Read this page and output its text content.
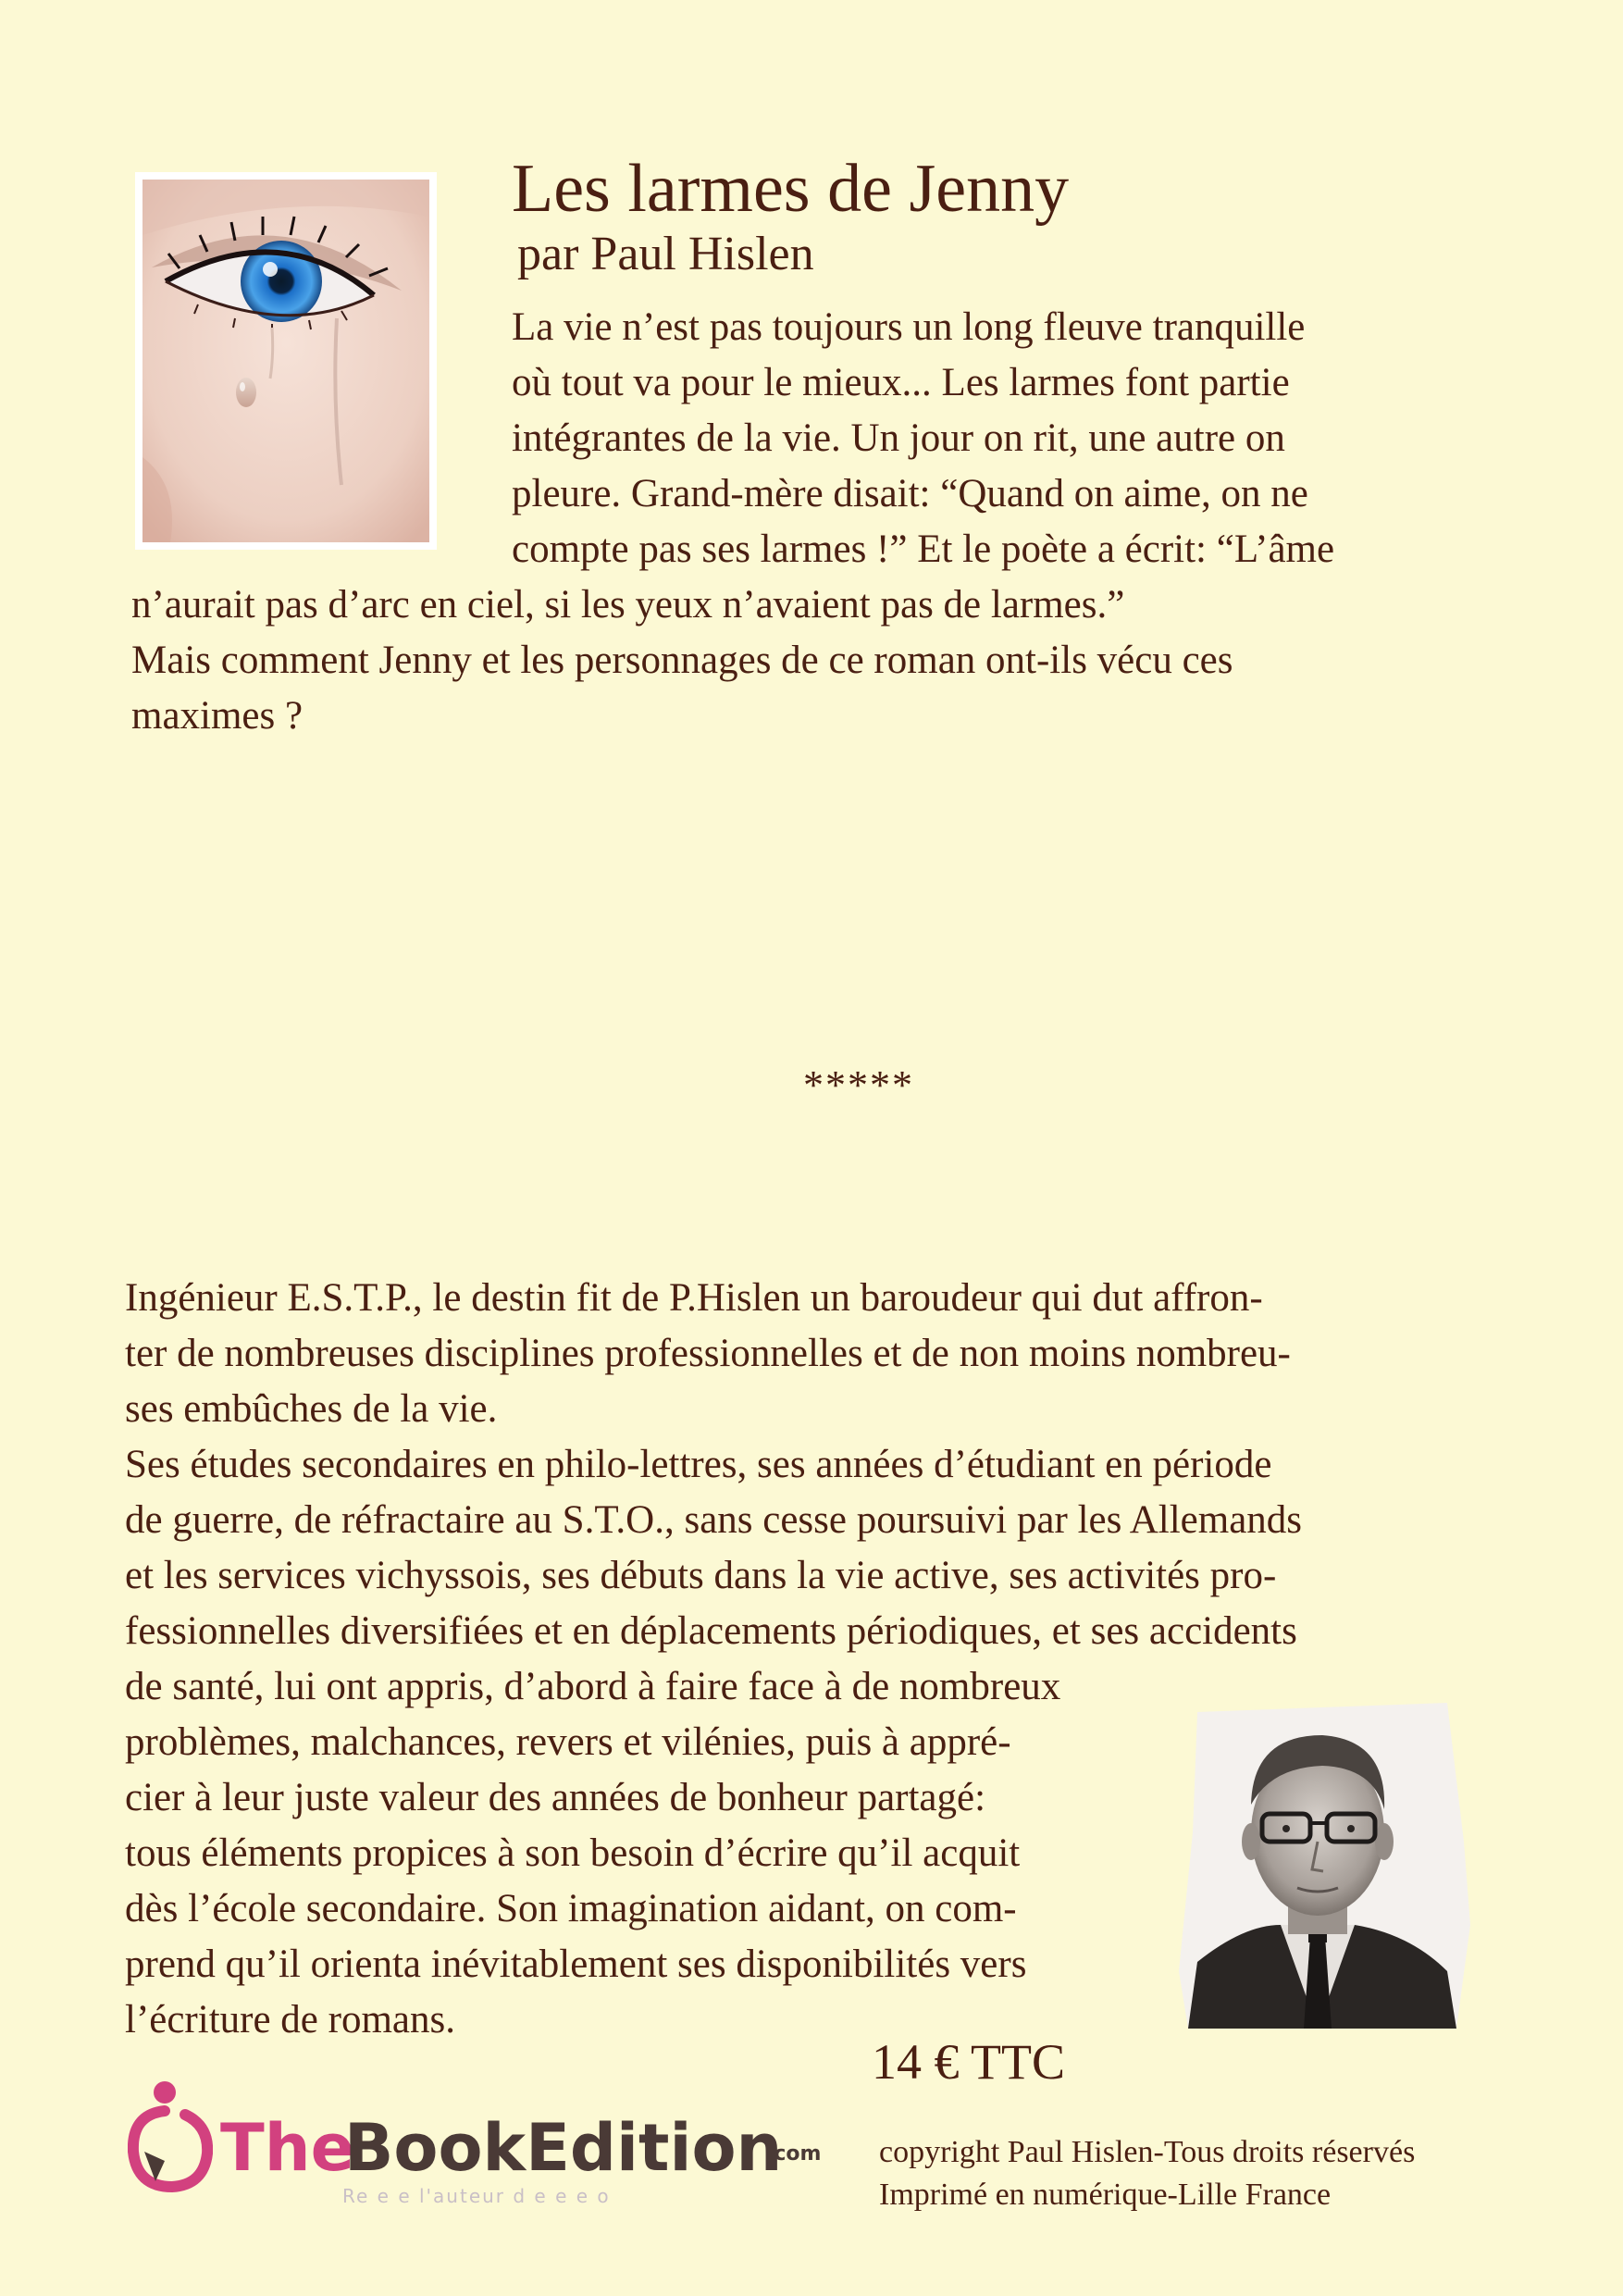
Les larmes de Jenny
par Paul Hislen
La vie n’est pas toujours un long fleuve tranquille
où tout va pour le mieux... Les larmes font partie
intégrantes de la vie. Un jour on rit, une autre on
pleure. Grand-mère disait: “Quand on aime, on ne
compte pas ses larmes !” Et le poète a écrit: “L’âme
n’aurait pas d’arc en ciel, si les yeux n’avaient pas de larmes.”
Mais comment Jenny et les personnages de ce roman ont-ils vécu ces
maximes ?
*****
Ingénieur E.S.T.P., le destin fit de P.Hislen un baroudeur qui dut affron-
ter de nombreuses disciplines professionnelles et de non moins nombreu-
ses embûches de la vie.
Ses études secondaires en philo-lettres, ses années d’étudiant en période
de guerre, de réfractaire au S.T.O., sans cesse poursuivi par les Allemands
et les services vichyssois, ses débuts dans la vie active, ses activités pro-
fessionnelles diversifiées et en déplacements périodiques, et ses accidents
de santé, lui ont appris, d’abord à faire face à de nombreux
problèmes, malchances, revers et vilénies, puis à appré-
cier à leur juste valeur des années de bonheur partagé:
tous éléments propices à son besoin d’écrire qu’il acquit
dès l’école secondaire. Son imagination aidant, on com-
prend qu’il orienta inévitablement ses disponibilités vers
l’écriture de romans.
14 € TTC
The
BookEdition
.com
Re e e l'auteur d e e e o
copyright Paul Hislen-Tous droits réservés
Imprimé en numérique-Lille France
